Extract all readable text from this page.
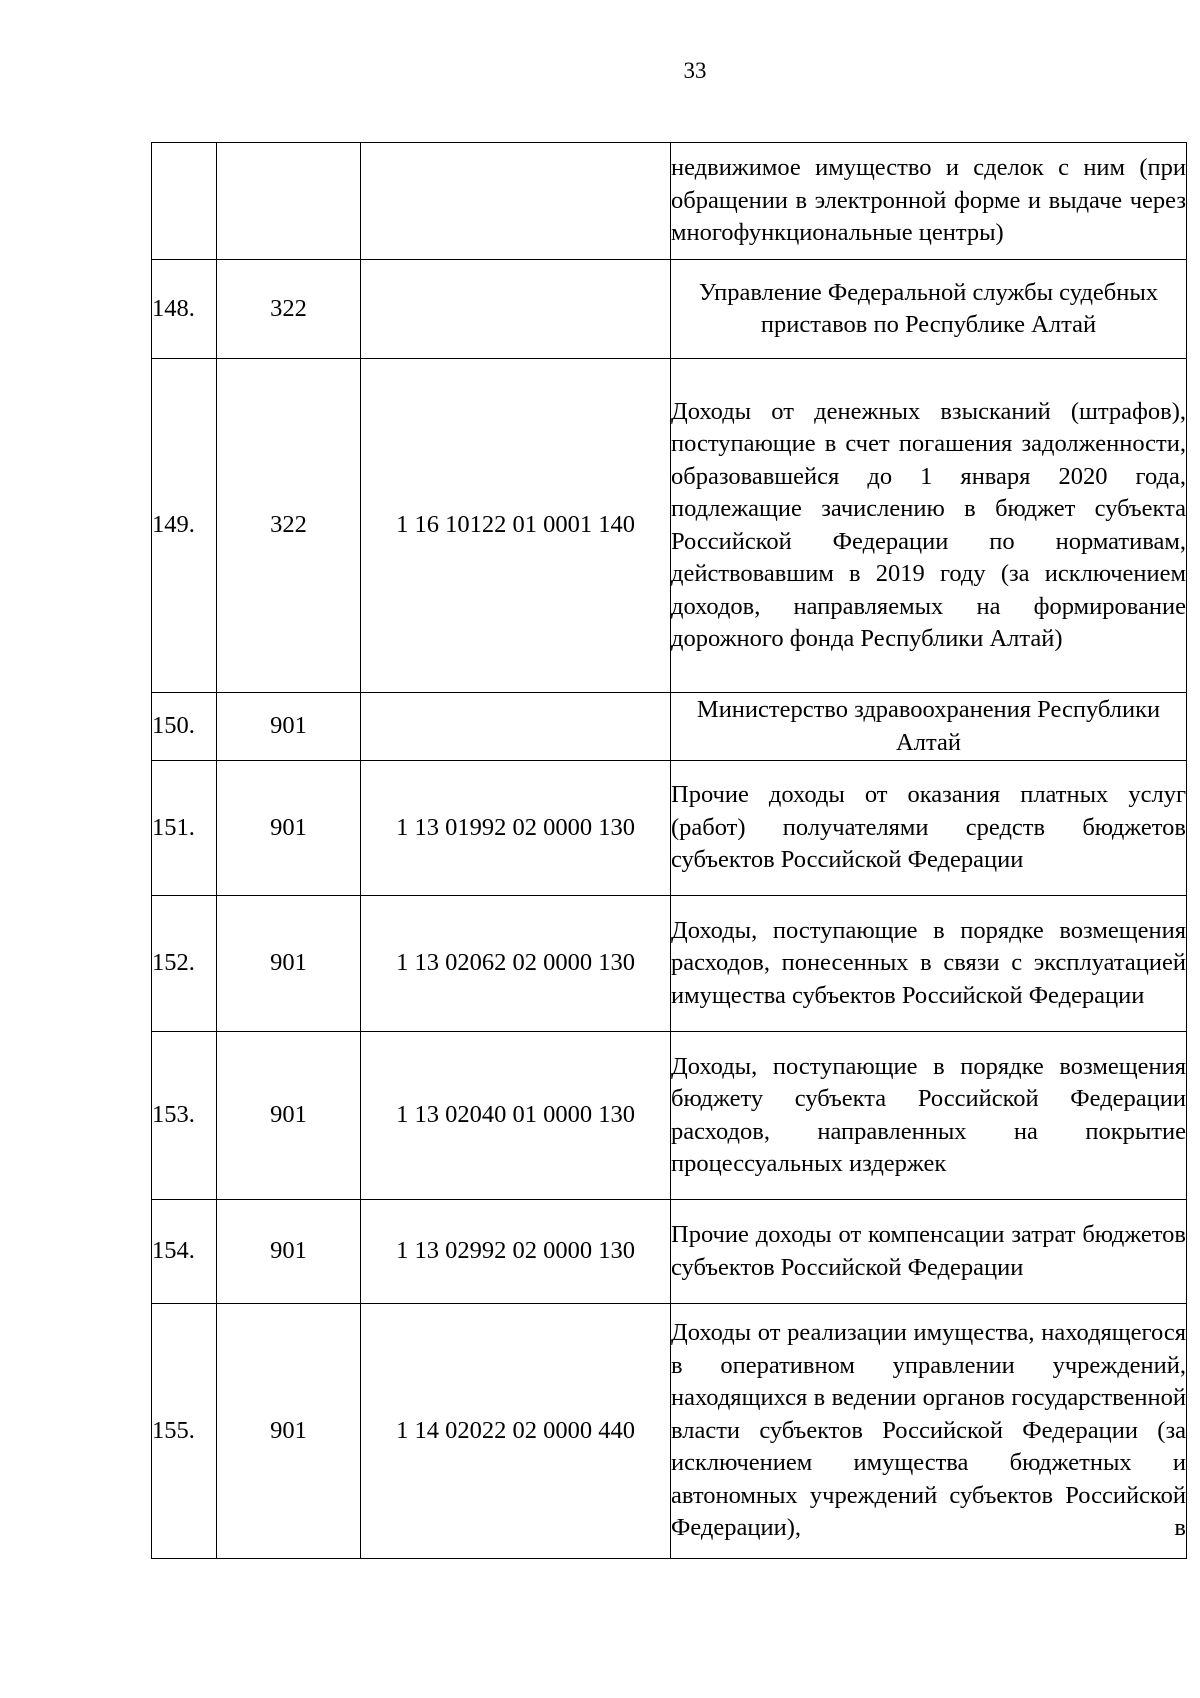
33
			недвижимое имущество и сделок с ним (при обращении в электронной форме и выдаче через многофункциональные центры)
148.	322		Управление Федеральной службы судебных приставов по Республике Алтай
149.	322	1 16 10122 01 0001 140	Доходы от денежных взысканий (штрафов), поступающие в счет погашения задолженности, образовавшейся до 1 января 2020 года, подлежащие зачислению в бюджет субъекта Российской Федерации по нормативам, действовавшим в 2019 году (за исключением доходов, направляемых на формирование дорожного фонда Республики Алтай)
150.	901		Министерство здравоохранения Республики Алтай
151.	901	1 13 01992 02 0000 130	Прочие доходы от оказания платных услуг (работ) получателями средств бюджетов субъектов Российской Федерации
152.	901	1 13 02062 02 0000 130	Доходы, поступающие в порядке возмещения расходов, понесенных в связи с эксплуатацией имущества субъектов Российской Федерации
153.	901	1 13 02040 01 0000 130	Доходы, поступающие в порядке возмещения бюджету субъекта Российской Федерации расходов, направленных на покрытие процессуальных издержек
154.	901	1 13 02992 02 0000 130	Прочие доходы от компенсации затрат бюджетов субъектов Российской Федерации
155.	901	1 14 02022 02 0000 440	Доходы от реализации имущества, находящегося в оперативном управлении учреждений, находящихся в ведении органов государственной власти субъектов Российской Федерации (за исключением имущества бюджетных и автономных учреждений субъектов Российской Федерации), в
